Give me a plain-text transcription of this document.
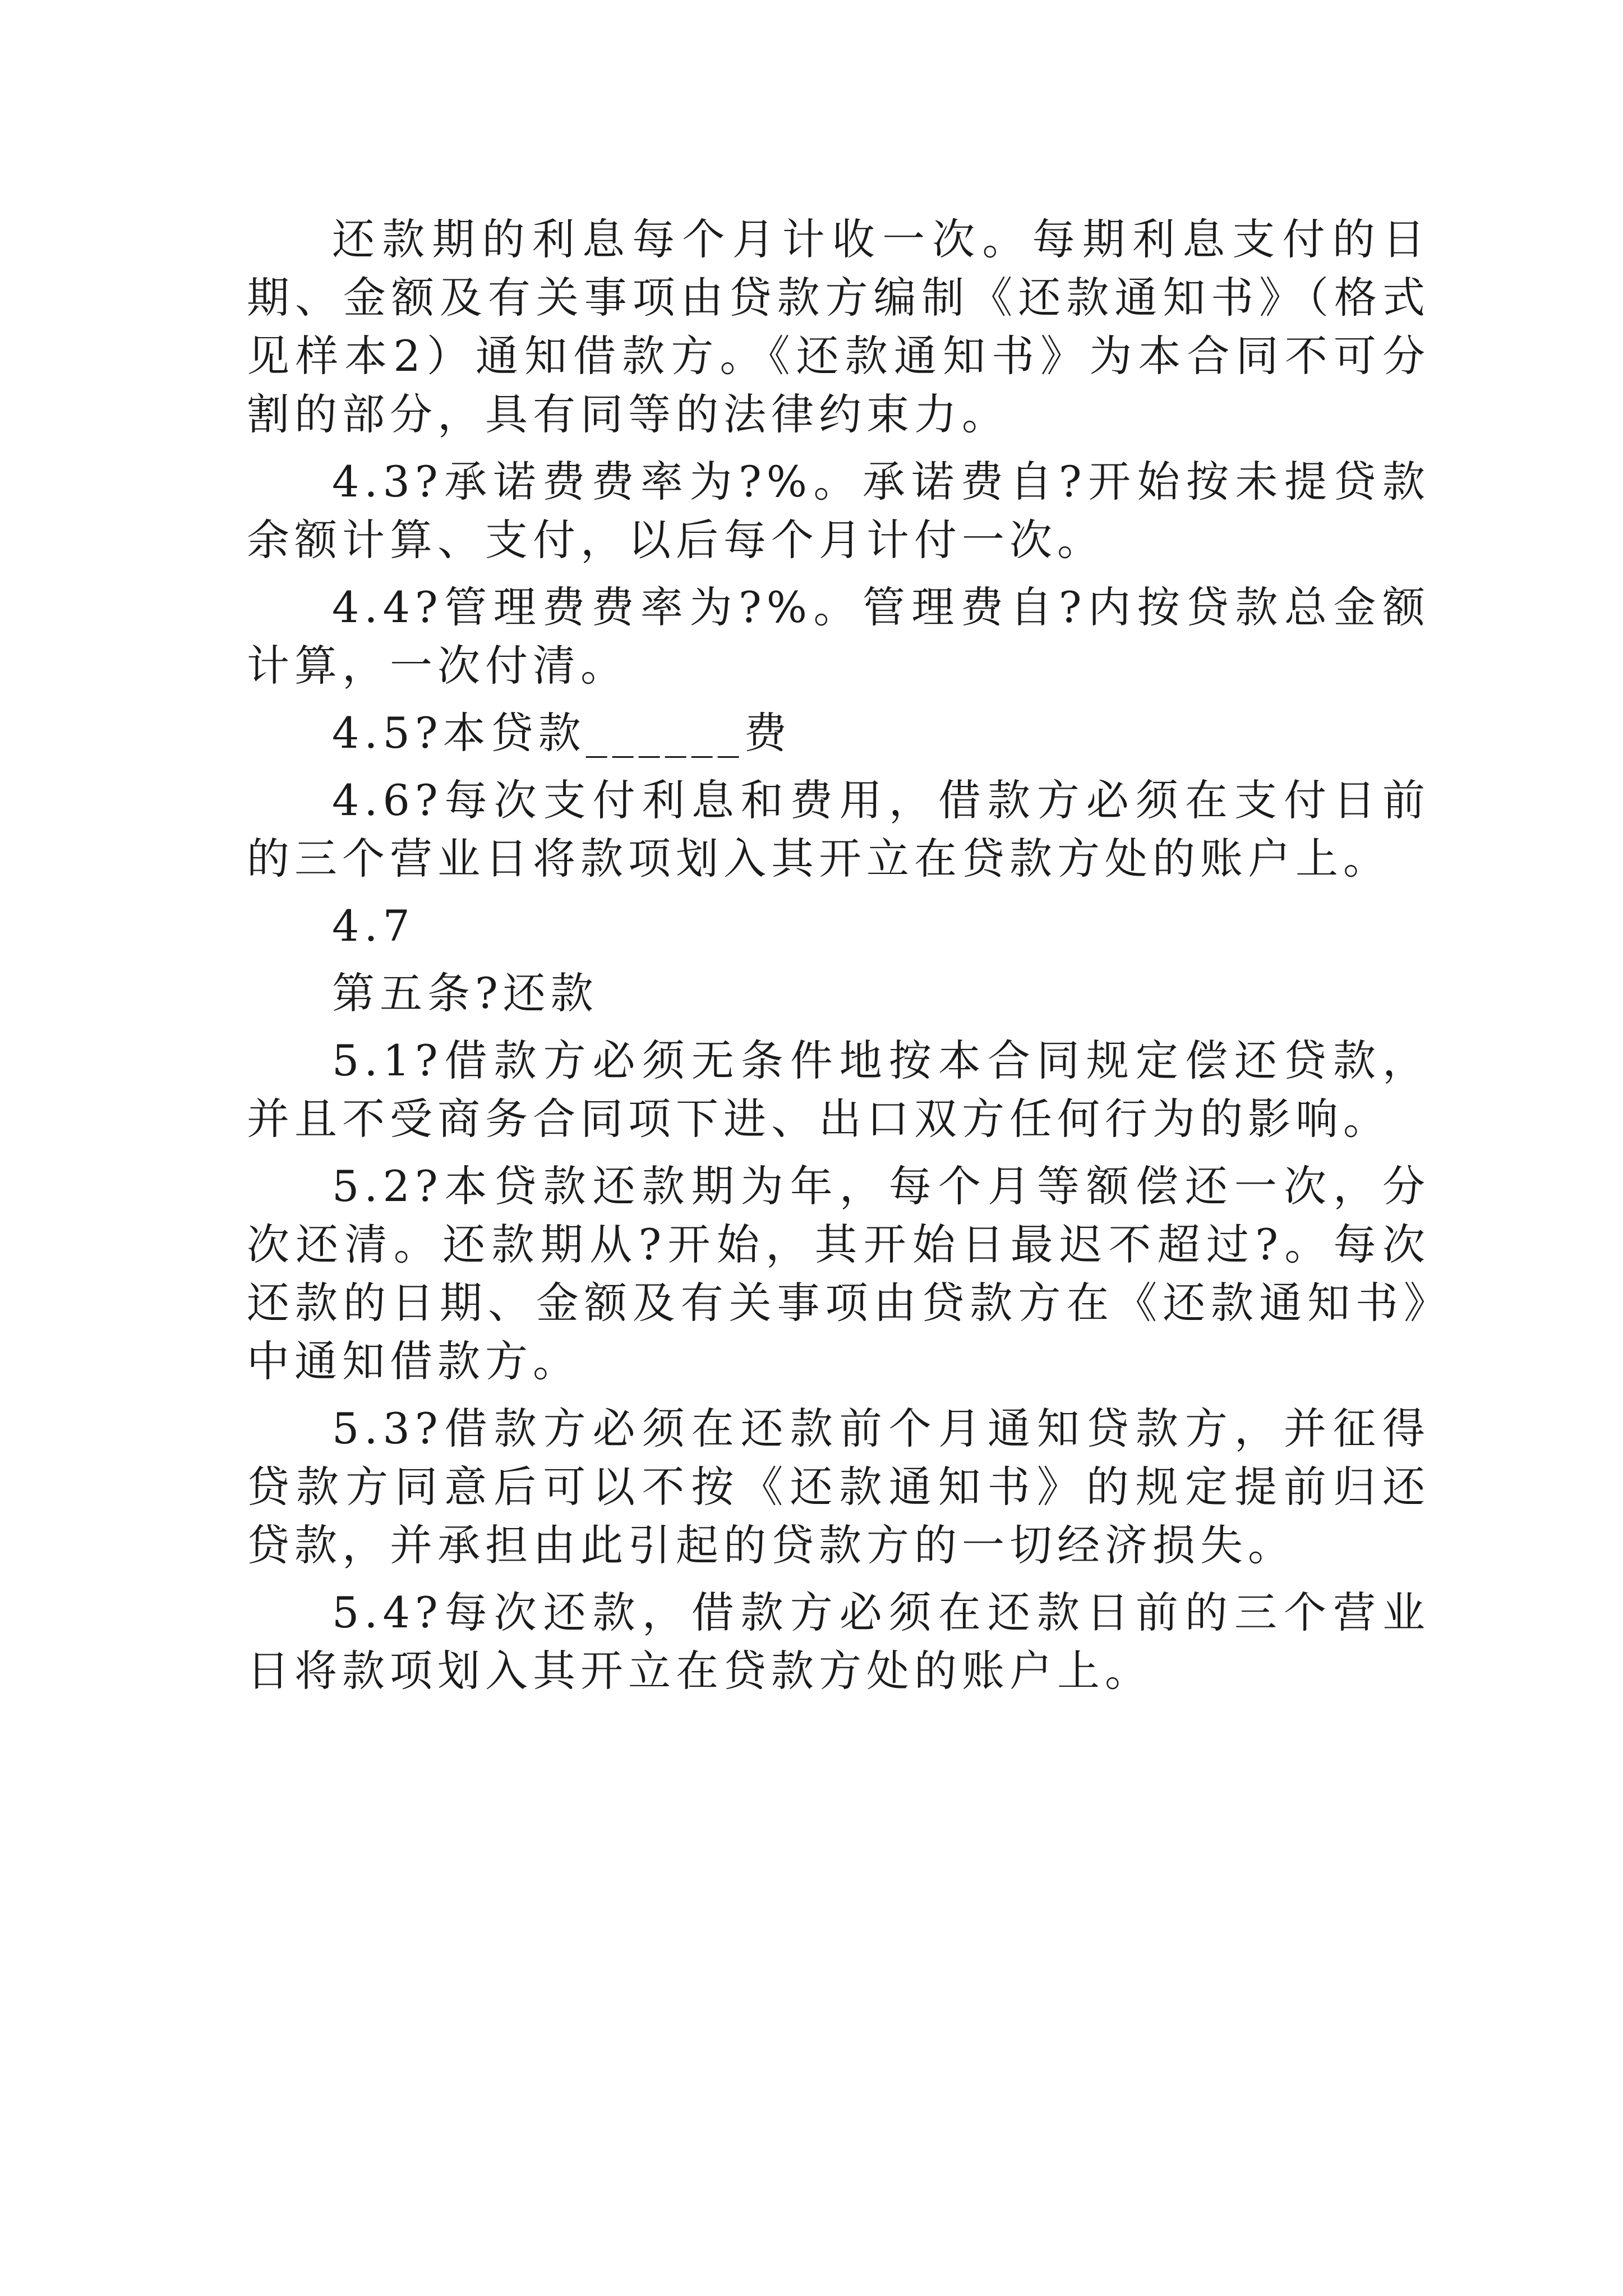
还款期的利息每个月计收一次。每期利息支付的日期、金额及有关事项由贷款方编制《还款通知书》（格式见样本2）通知借款方。《还款通知书》为本合同不可分割的部分，具有同等的法律约束力。

4.3?承诺费费率为?%。承诺费自?开始按未提贷款余额计算、支付，以后每个月计付一次。

4.4?管理费费率为?%。管理费自?内按贷款总金额计算，一次付清。

4.5?本贷款______费

4.6?每次支付利息和费用，借款方必须在支付日前的三个营业日将款项划入其开立在贷款方处的账户上。

4.7

第五条?还款

5.1?借款方必须无条件地按本合同规定偿还贷款，并且不受商务合同项下进、出口双方任何行为的影响。

5.2?本贷款还款期为年，每个月等额偿还一次，分次还清。还款期从?开始，其开始日最迟不超过?。每次还款的日期、金额及有关事项由贷款方在《还款通知书》中通知借款方。

5.3?借款方必须在还款前个月通知贷款方，并征得贷款方同意后可以不按《还款通知书》的规定提前归还贷款，并承担由此引起的贷款方的一切经济损失。

5.4?每次还款，借款方必须在还款日前的三个营业日将款项划入其开立在贷款方处的账户上。
